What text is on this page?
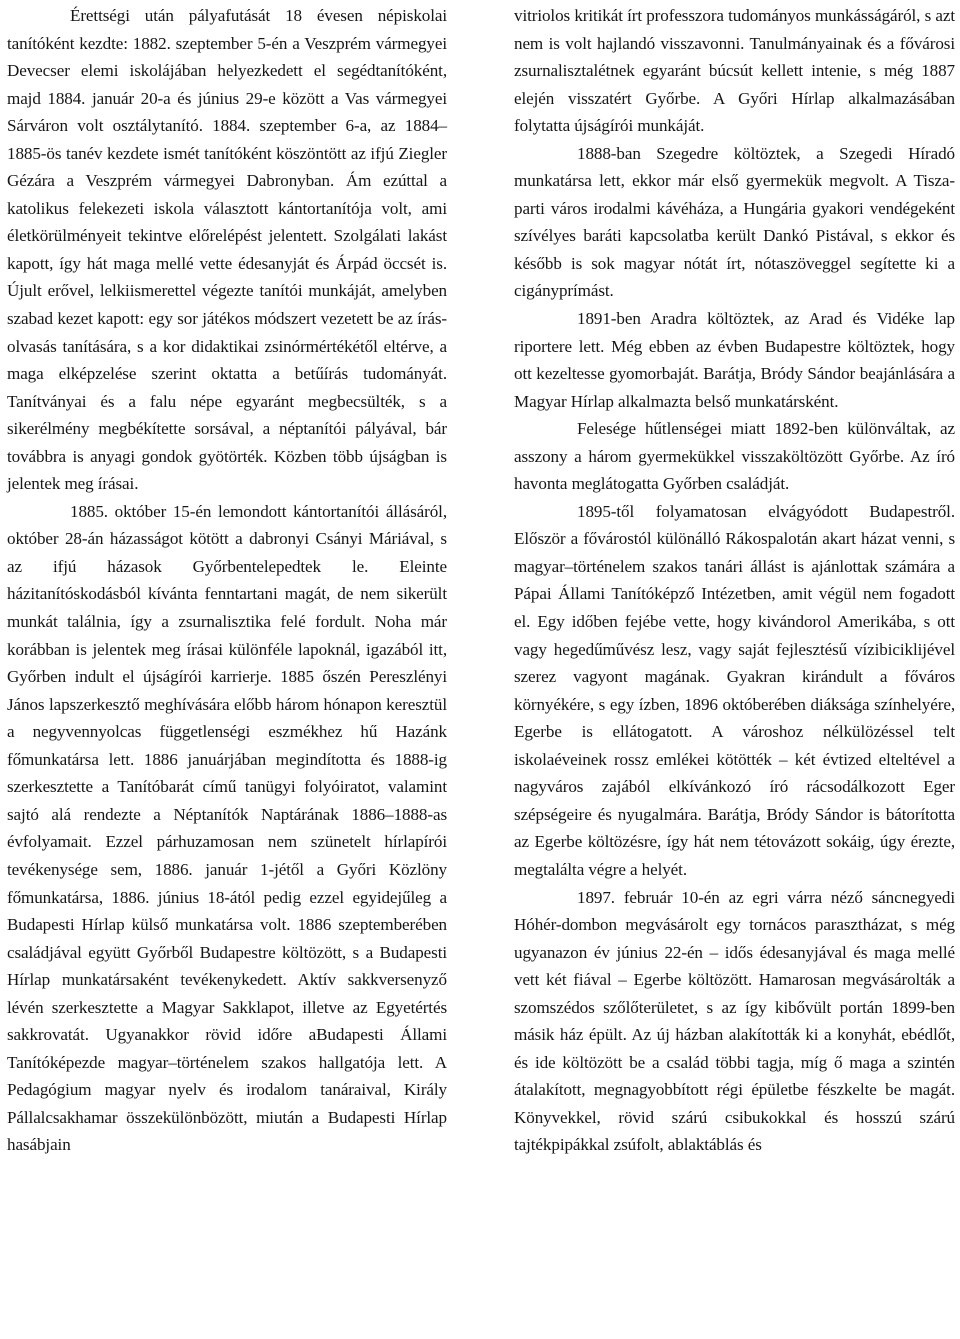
Érettségi után pályafutását 18 évesen népiskolai tanítóként kezdte: 1882. szeptember 5-én a Veszprém vármegyei Devecser elemi iskolájában helyezkedett el segédtanítóként, majd 1884. január 20-a és június 29-e között a Vas vármegyei Sárváron volt osztálytanító. 1884. szeptember 6-a, az 1884–1885-ös tanév kezdete ismét tanítóként köszöntött az ifjú Ziegler Gézára a Veszprém vármegyei Dabronyban. Ám ezúttal a katolikus felekezeti iskola választott kántortanítója volt, ami életkörülményeit tekintve előrelépést jelentett. Szolgálati lakást kapott, így hát maga mellé vette édesanyját és Árpád öccsét is. Újult erővel, lelkiismerettel végezte tanítói munkáját, amelyben szabad kezet kapott: egy sor játékos módszert vezetett be az írás-olvasás tanítására, s a kor didaktikai zsinórmértékétől eltérve, a maga elképzelése szerint oktatta a betűírás tudományát. Tanítványai és a falu népe egyaránt megbecsülték, s a sikerélmény megbékítette sorsával, a néptanítói pályával, bár továbbra is anyagi gondok gyötörték. Közben több újságban is jelentek meg írásai.

1885. október 15-én lemondott kántortanítói állásáról, október 28-án házasságot kötött a dabronyi Csányi Máriával, s az ifjú házasok Győrbentelepedtek le. Eleinte házitanítóskodásból kívánta fenntartani magát, de nem sikerült munkát találnia, így a zsurnalisztika felé fordult. Noha már korábban is jelentek meg írásai különféle lapoknál, igazából itt, Győrben indult el újságírói karrierje. 1885 őszén Pereszlényi János lapszerkesztő meghívására előbb három hónapon keresztül a negyvennyolcas függetlenségi eszmékhez hű Hazánk főmunkatársa lett. 1886 januárjában megindította és 1888-ig szerkesztette a Tanítóbarát című tanügyi folyóiratot, valamint sajtó alá rendezte a Néptanítók Naptárának 1886–1888-as évfolyamait. Ezzel párhuzamosan nem szünetelt hírlapírói tevékenysége sem, 1886. január 1-jétől a Győri Közlöny főmunkatársa, 1886. június 18-ától pedig ezzel egyidejűleg a Budapesti Hírlap külső munkatársa volt. 1886 szeptemberében családjával együtt Győrből Budapestre költözött, s a Budapesti Hírlap munkatársaként tevékenykedett. Aktív sakkversenyző lévén szerkesztette a Magyar Sakklapot, illetve az Egyetértés sakkrovatát. Ugyanakkor rövid időre aBudapesti Állami Tanítóképezde magyar–történelem szakos hallgatója lett. A Pedagógium magyar nyelv és irodalom tanáraival, Király Pállalcsakhamar összekülönbözött, miután a Budapesti Hírlap hasábjain

vitriolos kritikát írt professzora tudományos munkásságáról, s azt nem is volt hajlandó visszavonni. Tanulmányainak és a fővárosi zsurnalisztalétnek egyaránt búcsút kellett intenie, s még 1887 elején visszatért Győrbe. A Győri Hírlap alkalmazásában folytatta újságírói munkáját.

1888-ban Szegedre költöztek, a Szegedi Híradó munkatársa lett, ekkor már első gyermekük megvolt. A Tisza-parti város irodalmi kávéháza, a Hungária gyakori vendégeként szívélyes baráti kapcsolatba került Dankó Pistával, s ekkor és később is sok magyar nótát írt, nótaszöveggel segítette ki a cigányprímást.

1891-ben Aradra költöztek, az Arad és Vidéke lap riportere lett. Még ebben az évben Budapestre költöztek, hogy ott kezeltesse gyomorbaját. Barátja, Bródy Sándor beajánlására a Magyar Hírlap alkalmazta belső munkatársként.

Felesége hűtlenségei miatt 1892-ben különváltak, az asszony a három gyermekükkel visszaköltözött Győrbe. Az író havonta meglátogatta Győrben családját.

1895-től folyamatosan elvágyódott Budapestről. Először a fővárostól különálló Rákospalotán akart házat venni, s magyar–történelem szakos tanári állást is ajánlottak számára a Pápai Állami Tanítóképző Intézetben, amit végül nem fogadott el. Egy időben fejébe vette, hogy kivándorol Amerikába, s ott vagy hegedűművész lesz, vagy saját fejlesztésű vízibiciklijével szerez vagyont magának. Gyakran kirándult a főváros környékére, s egy ízben, 1896 októberében diákságа színhelyére, Egerbe is ellátogatott. A városhoz nélkülözéssel telt iskolaéveinek rossz emlékei kötötték – két évtized elteltével a nagyváros zajából elkívánkozó író rácsodálkozott Eger szépségeire és nyugalmára. Barátja, Bródy Sándor is bátorította az Egerbe költözésre, így hát nem tétovázott sokáig, úgy érezte, megtalálta végre a helyét.

1897. február 10-én az egri várra néző sáncnegyedi Hóhér-dombon megvásárolt egy tornácos parasztházat, s még ugyanazon év június 22-én – idős édesanyjával és maga mellé vett két fiával – Egerbe költözött. Hamarosan megvásárolták a szomszédos szőlőterületet, s az így kibővült portán 1899-ben másik ház épült. Az új házban alakították ki a konyhát, ebédlőt, és ide költözött be a család többi tagja, míg ő maga a szintén átalakított, megnagyobbított régi épületbe fészkelte be magát. Könyvekkel, rövid szárú csibukokkal és hosszú szárú tajtékpipákkal zsúfolt, ablaktáblás és
